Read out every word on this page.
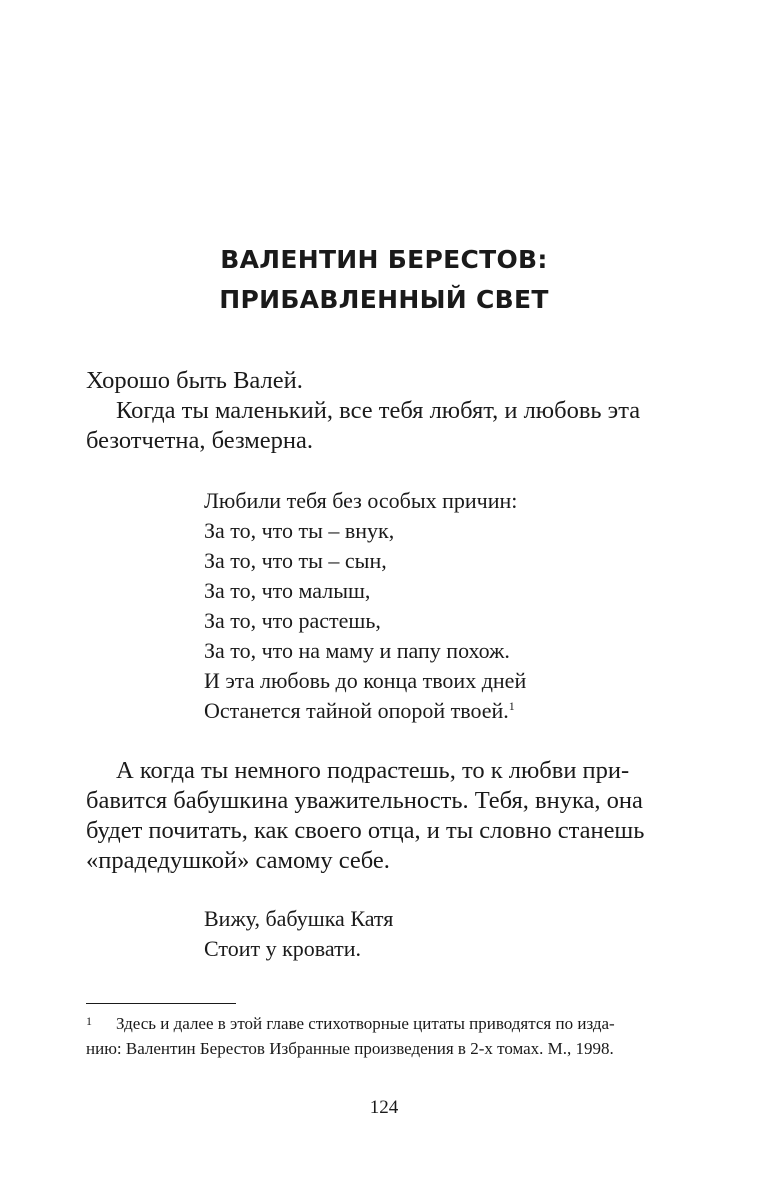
ВАЛЕНТИН БЕРЕСТОВ:
ПРИБАВЛЕННЫЙ СВЕТ
Хорошо быть Валей.
Когда ты маленький, все тебя любят, и любовь эта
безотчетна, безмерна.
Любили тебя без особых причин:
За то, что ты – внук,
За то, что ты – сын,
За то, что малыш,
За то, что растешь,
За то, что на маму и папу похож.
И эта любовь до конца твоих дней
Останется тайной опорой твоей.$^1$
А когда ты немного подрастешь, то к любви при-
бавится бабушкина уважительность. Тебя, внука, она
будет почитать, как своего отца, и ты словно станешь
«прадедушкой» самому себе.
Вижу, бабушка Катя
Стоит у кровати.
1 Здесь и далее в этой главе стихотворные цитаты приводятся по изда-
нию: Валентин Берестов Избранные произведения в 2-х томах. М., 1998.
124
